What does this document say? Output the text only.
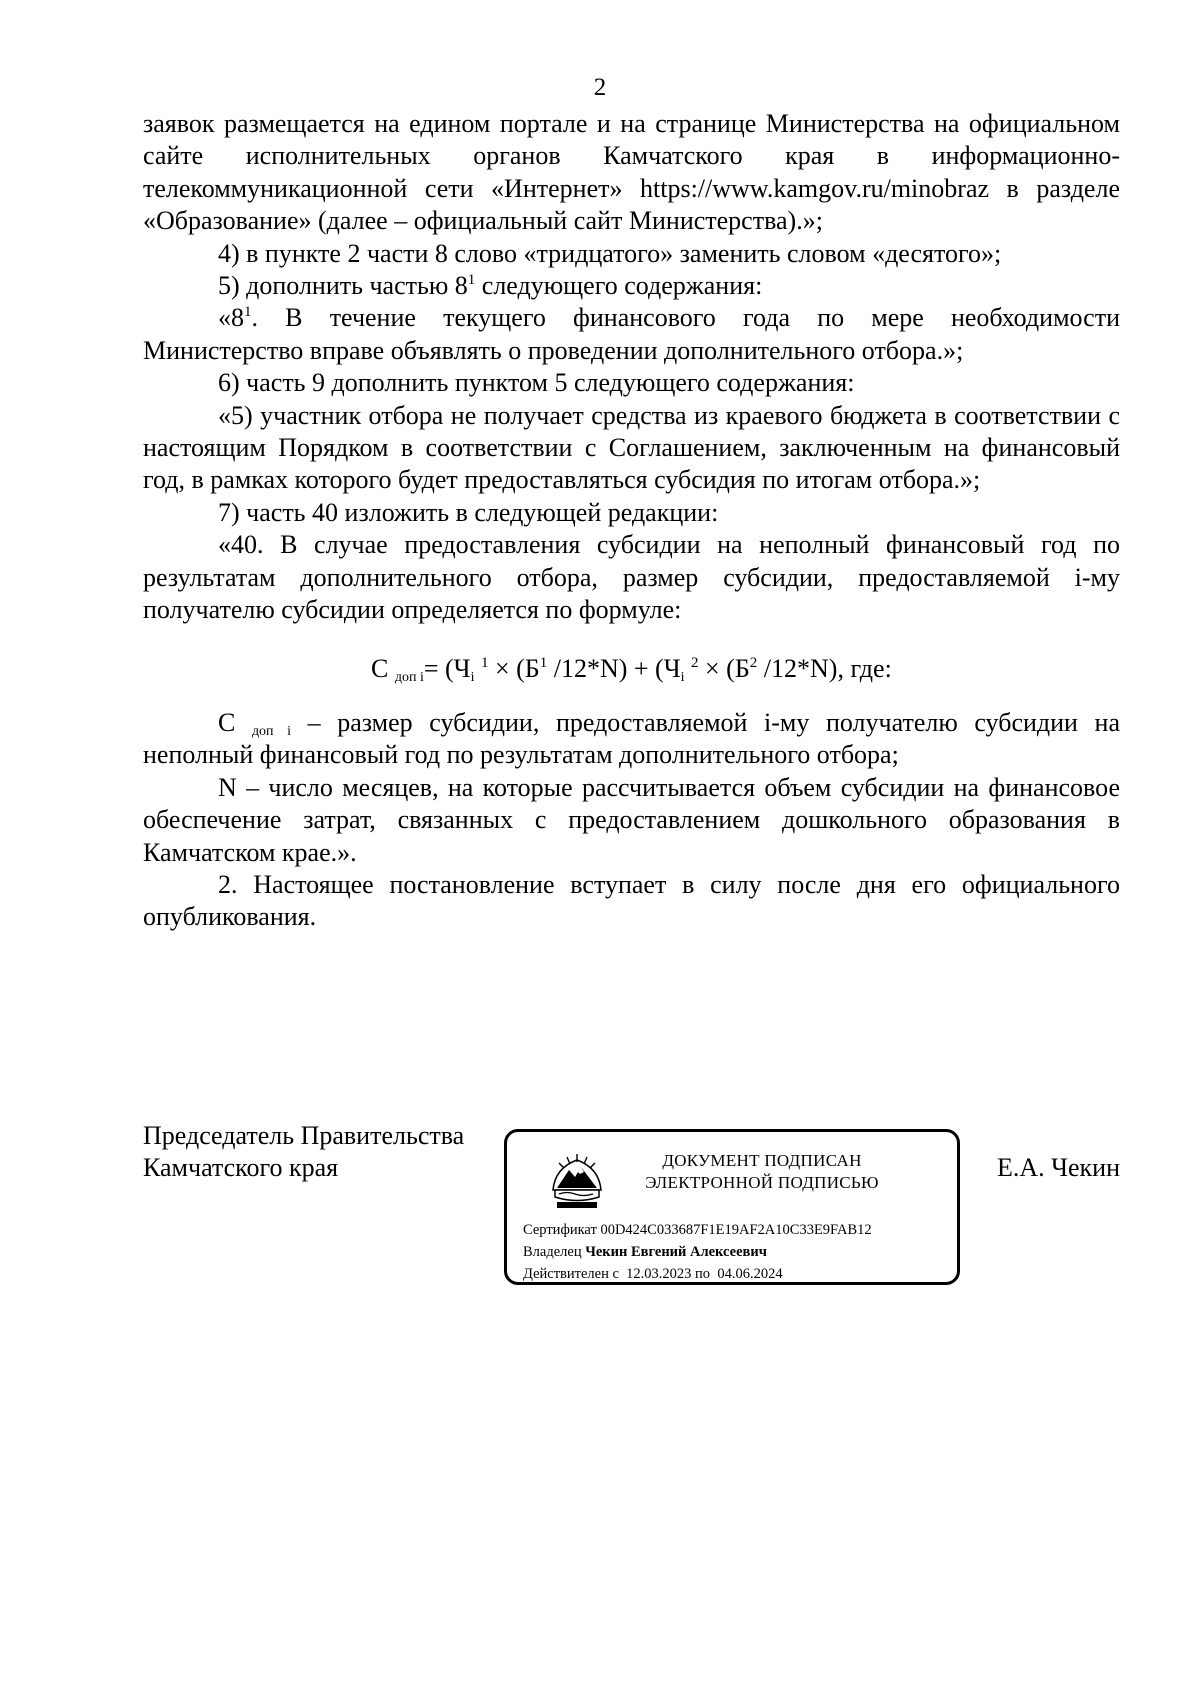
2

заявок размещается на едином портале и на странице Министерства на официальном сайте исполнительных органов Камчатского края в информационно-телекоммуникационной сети «Интернет» https://www.kamgov.ru/minobraz в разделе «Образование» (далее – официальный сайт Министерства).»;

4) в пункте 2 части 8 слово «тридцатого» заменить словом «десятого»;

5) дополнить частью $8^1$ следующего содержания:

«$8^1$. В течение текущего финансового года по мере необходимости Министерство вправе объявлять о проведении дополнительного отбора.»;

6) часть 9 дополнить пунктом 5 следующего содержания:

«5) участник отбора не получает средства из краевого бюджета в соответствии с настоящим Порядком в соответствии с Соглашением, заключенным на финансовый год, в рамках которого будет предоставляться субсидия по итогам отбора.»;

7) часть 40 изложить в следующей редакции:

«40. В случае предоставления субсидии на неполный финансовый год по результатам дополнительного отбора, размер субсидии, предоставляемой i-му получателю субсидии определяется по формуле:

С $_{доп i}= (Ч_i$ $^1 \times (Б^1$ $/12*N) + (Ч_i$ $^2 \times (Б^2$ /12*N), где:

С $_{доп i}$ – размер субсидии, предоставляемой i-му получателю субсидии на неполный финансовый год по результатам дополнительного отбора;

N – число месяцев, на которые рассчитывается объем субсидии на финансовое обеспечение затрат, связанных с предоставлением дошкольного образования в Камчатском крае.».

2. Настоящее постановление вступает в силу после дня его официального опубликования.

Председатель Правительства
Камчатского края	ДОКУМЕНТ ПОДПИСАН
ЭЛЕКТРОННОЙ ПОДПИСЬЮ
Сертификат 00D424C033687F1E19AF2A10C33E9FAB12
Владелец Чекин Евгений Алексеевич
Действителен с 12.03.2023 по 04.06.2024
Е.А. Чекин
